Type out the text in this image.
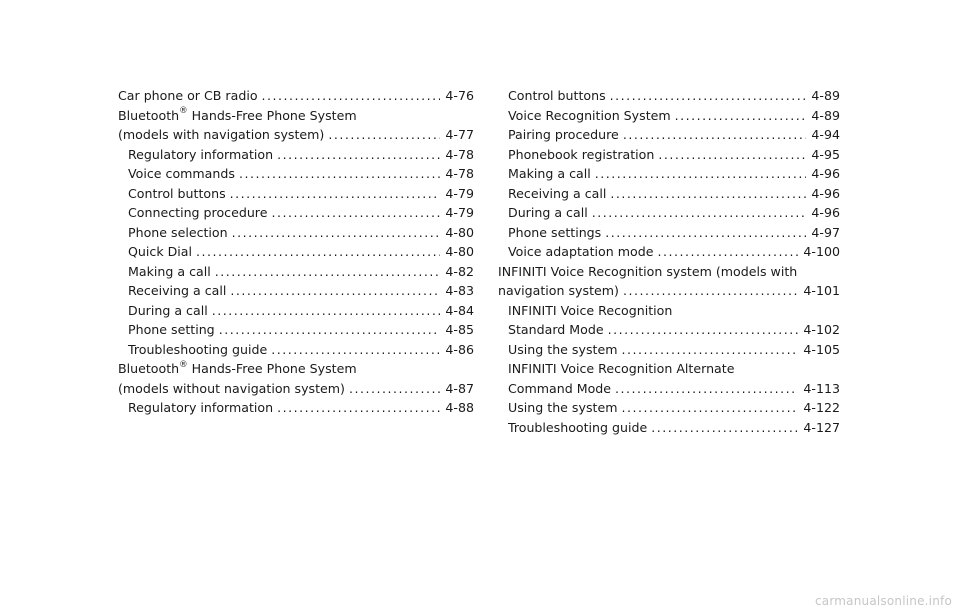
Car phone or CB radio .....	4-76
Bluetooth® Hands-Free Phone System
(models with navigation system) .....	4-77
Regulatory information .....	4-78
Voice commands .....	4-78
Control buttons .....	4-79
Connecting procedure .....	4-79
Phone selection .....	4-80
Quick Dial .....	4-80
Making a call .....	4-82
Receiving a call .....	4-83
During a call .....	4-84
Phone setting .....	4-85
Troubleshooting guide .....	4-86
Bluetooth® Hands-Free Phone System
(models without navigation system) .....	4-87
Regulatory information .....	4-88
Control buttons .....	4-89
Voice Recognition System .....	4-89
Pairing procedure .....	4-94
Phonebook registration .....	4-95
Making a call .....	4-96
Receiving a call .....	4-96
During a call .....	4-96
Phone settings .....	4-97
Voice adaptation mode .....	4-100
INFINITI Voice Recognition system (models with
navigation system) .....	4-101
INFINITI Voice Recognition
Standard Mode .....	4-102
Using the system .....	4-105
INFINITI Voice Recognition Alternate
Command Mode .....	4-113
Using the system .....	4-122
Troubleshooting guide .....	4-127
carmanualsonline.info
